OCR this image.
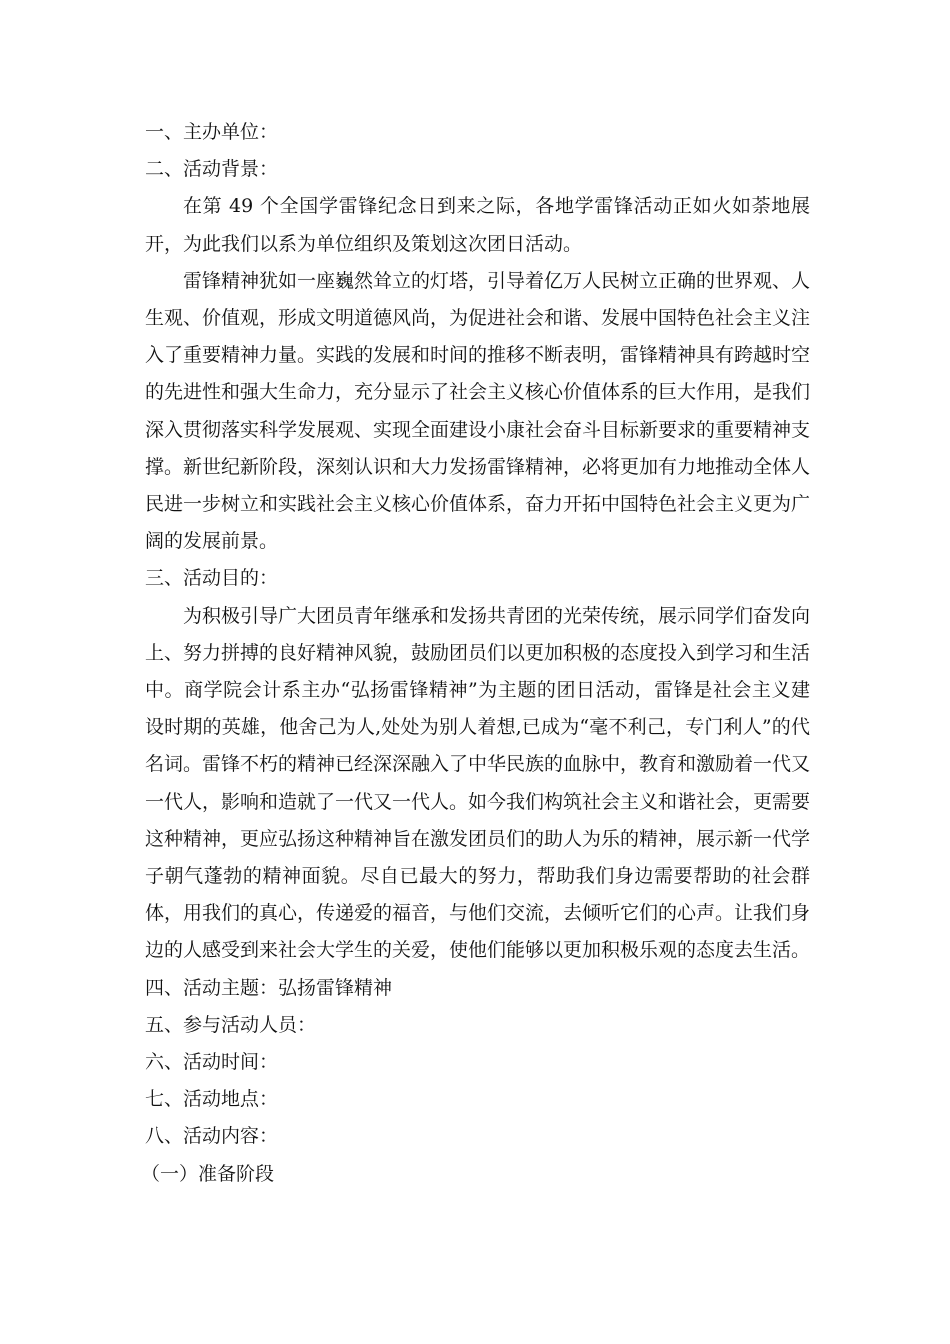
一、主办单位：

二、活动背景：

在第 49 个全国学雷锋纪念日到来之际，各地学雷锋活动正如火如荼地展开，为此我们以系为单位组织及策划这次团日活动。

雷锋精神犹如一座巍然耸立的灯塔，引导着亿万人民树立正确的世界观、人生观、价值观，形成文明道德风尚，为促进社会和谐、发展中国特色社会主义注入了重要精神力量。实践的发展和时间的推移不断表明，雷锋精神具有跨越时空的先进性和强大生命力，充分显示了社会主义核心价值体系的巨大作用，是我们深入贯彻落实科学发展观、实现全面建设小康社会奋斗目标新要求的重要精神支撑。新世纪新阶段，深刻认识和大力发扬雷锋精神，必将更加有力地推动全体人民进一步树立和实践社会主义核心价值体系，奋力开拓中国特色社会主义更为广阔的发展前景。

三、活动目的：

为积极引导广大团员青年继承和发扬共青团的光荣传统，展示同学们奋发向上、努力拼搏的良好精神风貌，鼓励团员们以更加积极的态度投入到学习和生活中。商学院会计系主办“弘扬雷锋精神”为主题的团日活动，雷锋是社会主义建设时期的英雄，他舍己为人,处处为别人着想,已成为“毫不利己，专门利人”的代名词。雷锋不朽的精神已经深深融入了中华民族的血脉中，教育和激励着一代又一代人，影响和造就了一代又一代人。如今我们构筑社会主义和谐社会，更需要这种精神，更应弘扬这种精神旨在激发团员们的助人为乐的精神，展示新一代学子朝气蓬勃的精神面貌。尽自已最大的努力，帮助我们身边需要帮助的社会群体，用我们的真心，传递爱的福音，与他们交流，去倾听它们的心声。让我们身边的人感受到来社会大学生的关爱，使他们能够以更加积极乐观的态度去生活。

四、活动主题：弘扬雷锋精神

五、参与活动人员：

六、活动时间：

七、活动地点：

八、活动内容：

（一）准备阶段
